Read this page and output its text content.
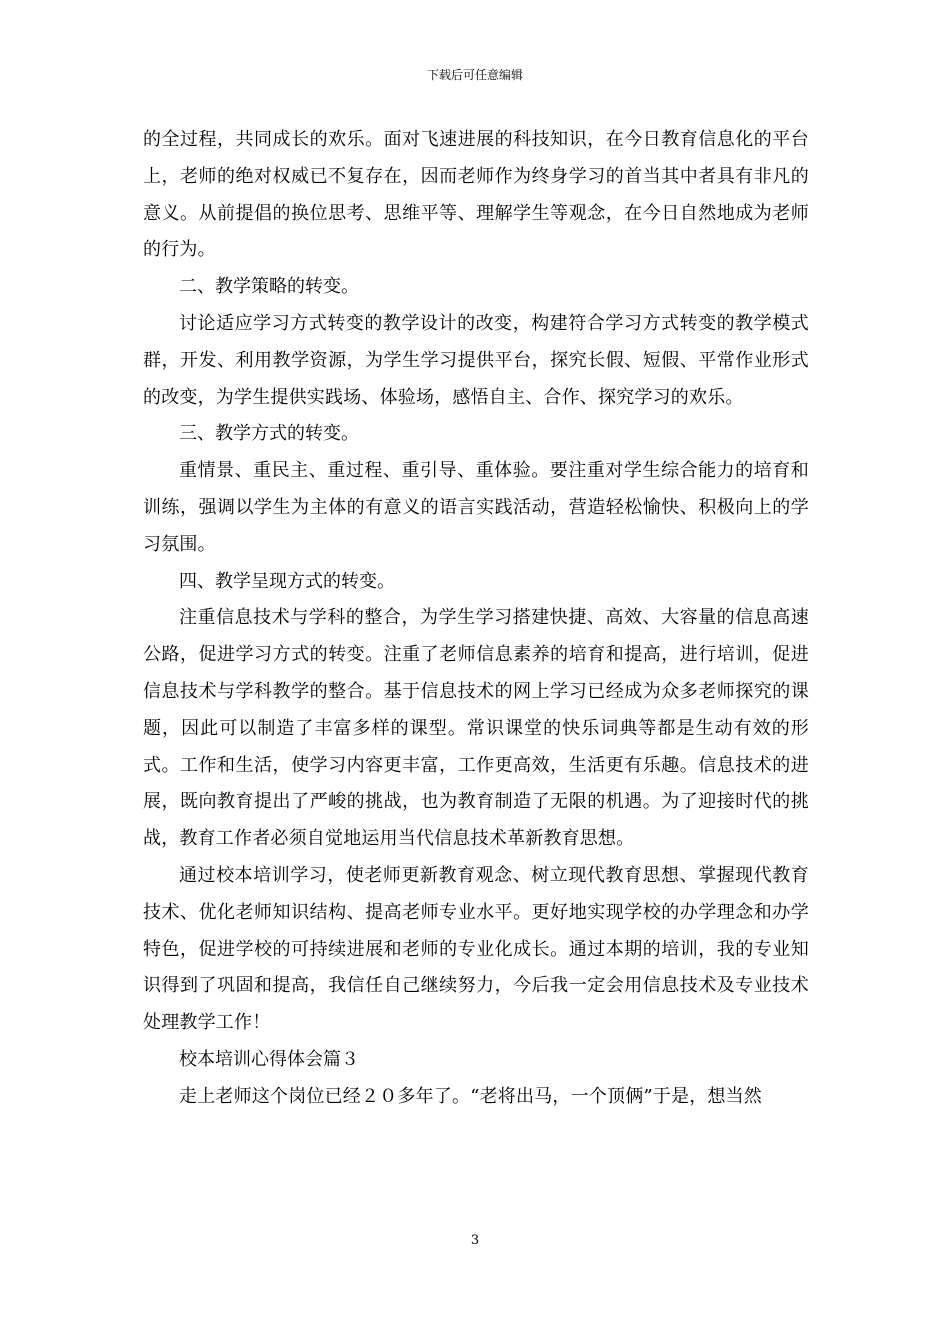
下载后可任意编辑

的全过程，共同成长的欢乐。面对飞速进展的科技知识，在今日教育信息化的平台上，老师的绝对权威已不复存在，因而老师作为终身学习的首当其中者具有非凡的意义。从前提倡的换位思考、思维平等、理解学生等观念，在今日自然地成为老师的行为。

二、教学策略的转变。

讨论适应学习方式转变的教学设计的改变，构建符合学习方式转变的教学模式群，开发、利用教学资源，为学生学习提供平台，探究长假、短假、平常作业形式的改变，为学生提供实践场、体验场，感悟自主、合作、探究学习的欢乐。

三、教学方式的转变。

重情景、重民主、重过程、重引导、重体验。要注重对学生综合能力的培育和训练，强调以学生为主体的有意义的语言实践活动，营造轻松愉快、积极向上的学习氛围。

四、教学呈现方式的转变。

注重信息技术与学科的整合，为学生学习搭建快捷、高效、大容量的信息高速公路，促进学习方式的转变。注重了老师信息素养的培育和提高，进行培训，促进信息技术与学科教学的整合。基于信息技术的网上学习已经成为众多老师探究的课题，因此可以制造了丰富多样的课型。常识课堂的快乐词典等都是生动有效的形式。工作和生活，使学习内容更丰富，工作更高效，生活更有乐趣。信息技术的进展，既向教育提出了严峻的挑战，也为教育制造了无限的机遇。为了迎接时代的挑战，教育工作者必须自觉地运用当代信息技术革新教育思想。

通过校本培训学习，使老师更新教育观念、树立现代教育思想、掌握现代教育技术、优化老师知识结构、提高老师专业水平。更好地实现学校的办学理念和办学特色，促进学校的可持续进展和老师的专业化成长。通过本期的培训，我的专业知识得到了巩固和提高，我信任自己继续努力，今后我一定会用信息技术及专业技术处理教学工作！

校本培训心得体会篇３

走上老师这个岗位已经２０多年了。“老将出马，一个顶俩”于是，想当然

3
